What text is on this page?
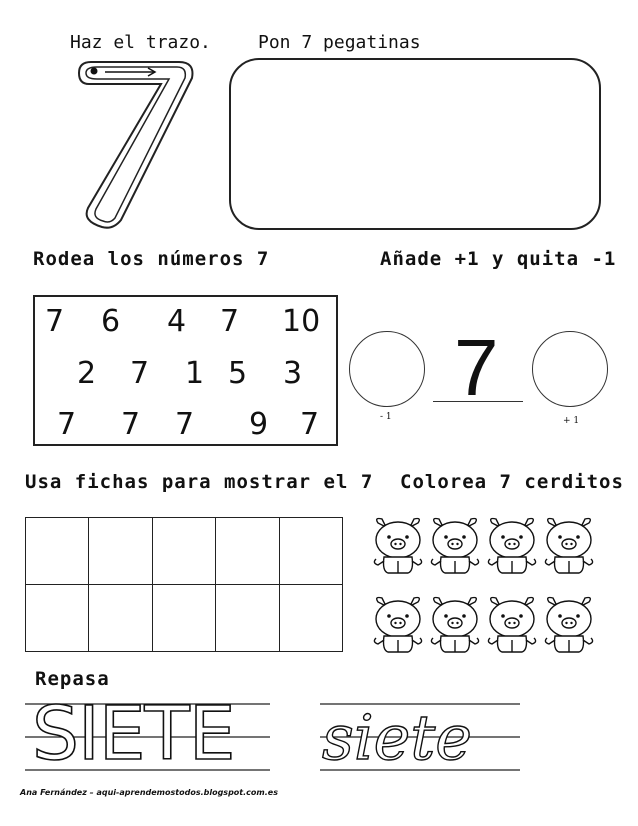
Haz el trazo.	Pon 7 pegatinas
Rodea los números 7	Añade +1 y quita -1
7 6 4 7 10
2 7 1 5 3
7 7 7 9 7	- 1
7
+ 1
Usa fichas para mostrar el 7 Colorea 7 cerditos

Repasa
SIETE siete
Ana Fernández – aqui-aprendemostodos.blogspot.com.es
